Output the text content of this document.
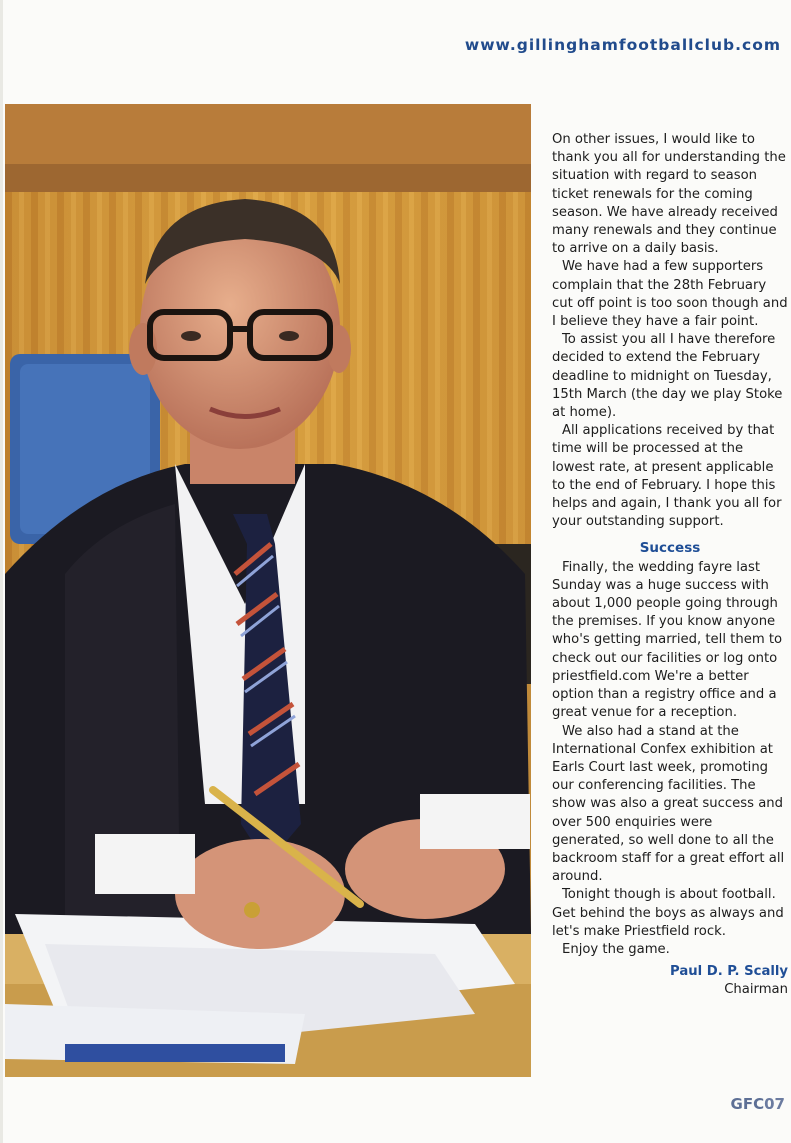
www.gillinghamfootballclub.com

On other issues, I would like to thank you all for understanding the situation with regard to season ticket renewals for the coming season. We have already received many renewals and they continue to arrive on a daily basis.

We have had a few supporters complain that the 28th February cut off point is too soon though and I believe they have a fair point.

To assist you all I have therefore decided to extend the February deadline to midnight on Tuesday, 15th March (the day we play Stoke at home).

All applications received by that time will be processed at the lowest rate, at present applicable to the end of February. I hope this helps and again, I thank you all for your outstanding support.

Success

Finally, the wedding fayre last Sunday was a huge success with about 1,000 people going through the premises. If you know anyone who's getting married, tell them to check out our facilities or log onto priestfield.com We're a better option than a registry office and a great venue for a reception.

We also had a stand at the International Confex exhibition at Earls Court last week, promoting our conferencing facilities. The show was also a great success and over 500 enquiries were generated, so well done to all the backroom staff for a great effort all around.

Tonight though is about football. Get behind the boys as always and let's make Priestfield rock.

Enjoy the game.

Paul D. P. Scally
Chairman
GFC07
